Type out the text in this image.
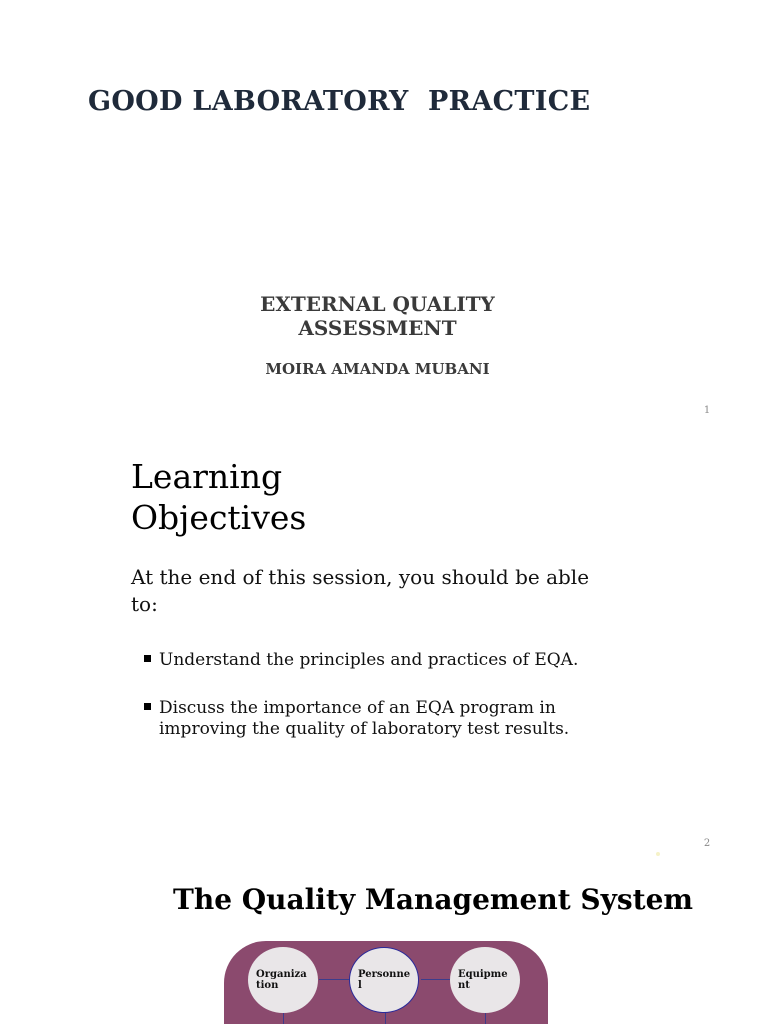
GOOD LABORATORY  PRACTICE
EXTERNAL QUALITY
ASSESSMENT

MOIRA AMANDA MUBANI

1
Learning
Objectives

At the end of this session, you should be able to:

Understand the principles and practices of EQA.
Discuss the importance of an EQA program in improving the quality of laboratory test results.
2
The Quality Management System
Organization
Personnel
Equipment
